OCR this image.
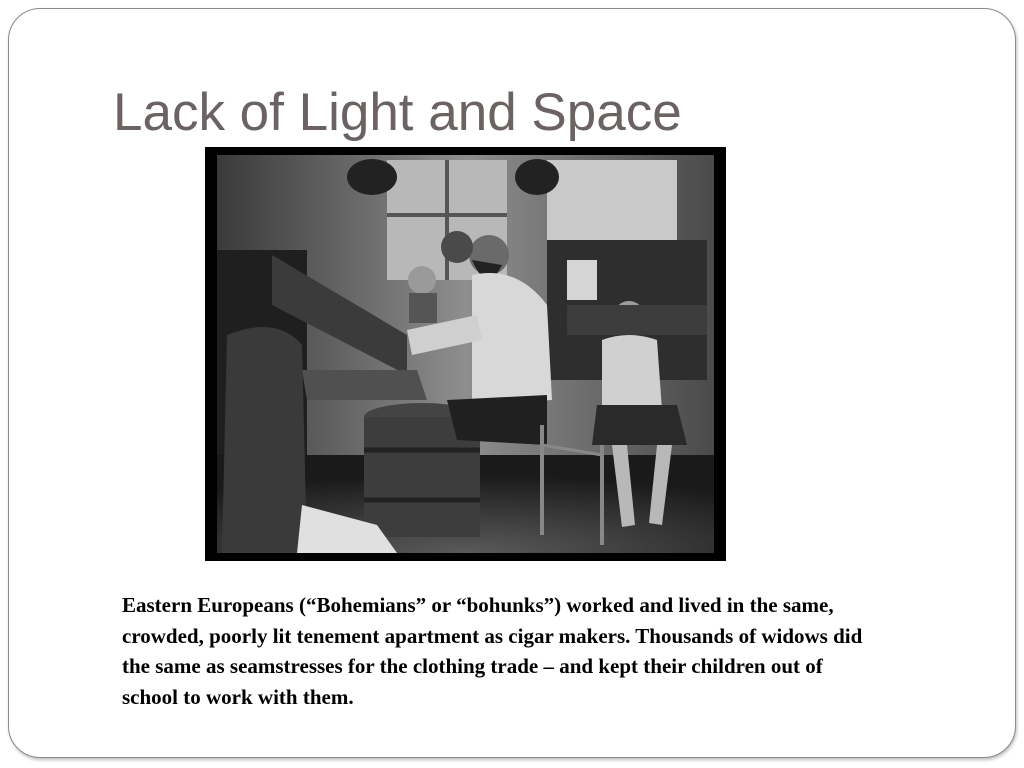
Lack of Light and Space

Eastern Europeans (“Bohemians” or “bohunks”) worked and lived in the same, crowded, poorly lit tenement apartment as cigar makers. Thousands of widows did the same as seamstresses for the clothing trade – and kept their children out of school to work with them.
